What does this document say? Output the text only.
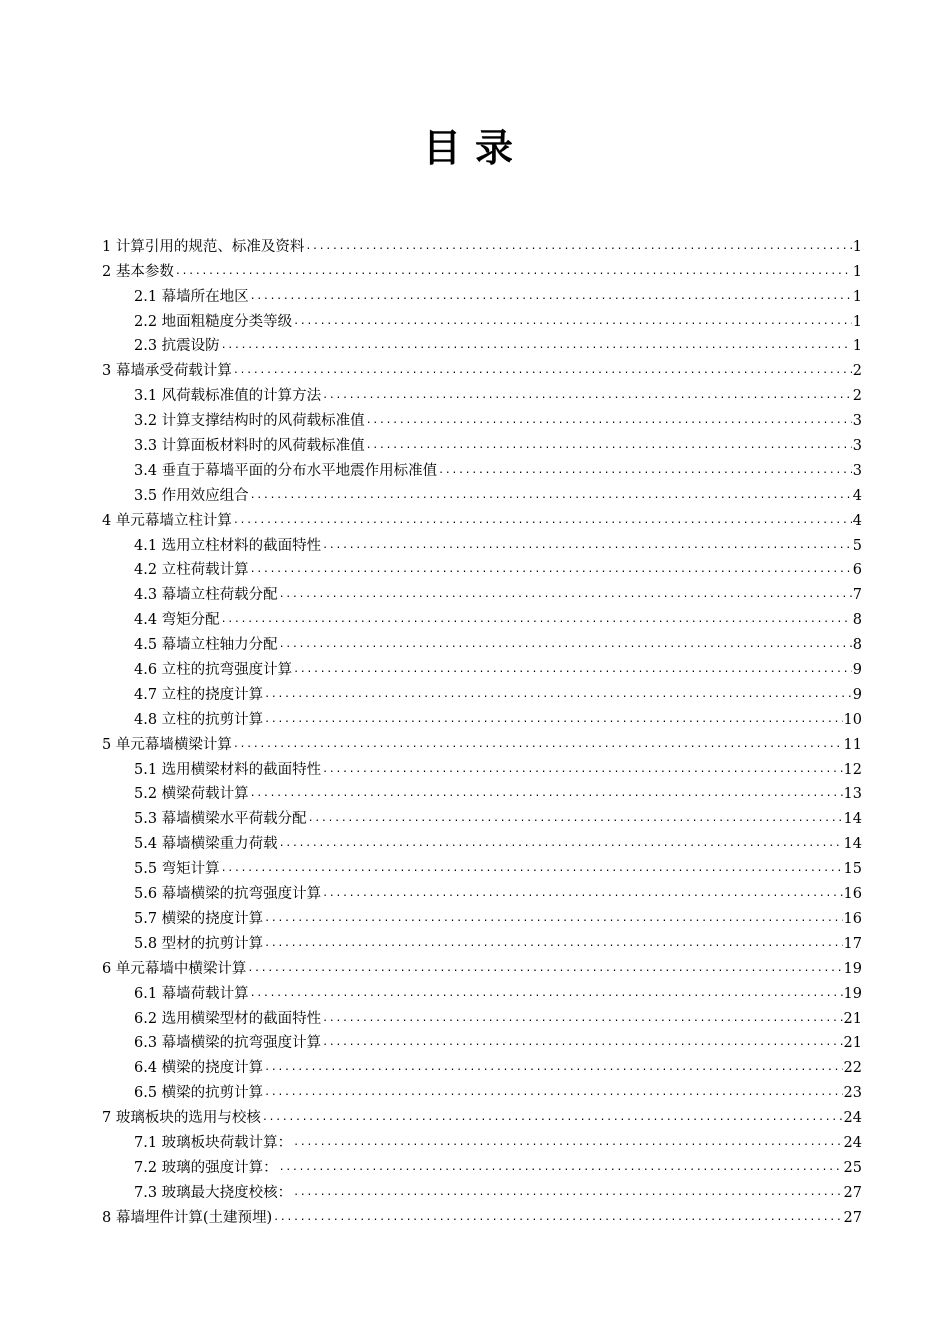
目录
1 计算引用的规范、标准及资料 .....	1
2 基本参数 .....	1
2.1 幕墙所在地区 .....	1
2.2 地面粗糙度分类等级 .....	1
2.3 抗震设防 .....	1
3 幕墙承受荷载计算 .....	2
3.1 风荷载标准值的计算方法 .....	2
3.2 计算支撑结构时的风荷载标准值 .....	3
3.3 计算面板材料时的风荷载标准值 .....	3
3.4 垂直于幕墙平面的分布水平地震作用标准值 .....	3
3.5 作用效应组合 .....	4
4 单元幕墙立柱计算 .....	4
4.1 选用立柱材料的截面特性 .....	5
4.2 立柱荷载计算 .....	6
4.3 幕墙立柱荷载分配 .....	7
4.4 弯矩分配 .....	8
4.5 幕墙立柱轴力分配 .....	8
4.6 立柱的抗弯强度计算 .....	9
4.7 立柱的挠度计算 .....	9
4.8 立柱的抗剪计算 .....	10
5 单元幕墙横梁计算 .....	11
5.1 选用横梁材料的截面特性 .....	12
5.2 横梁荷载计算 .....	13
5.3 幕墙横梁水平荷载分配 .....	14
5.4 幕墙横梁重力荷载 .....	14
5.5 弯矩计算 .....	15
5.6 幕墙横梁的抗弯强度计算 .....	16
5.7 横梁的挠度计算 .....	16
5.8 型材的抗剪计算 .....	17
6 单元幕墙中横梁计算 .....	19
6.1 幕墙荷载计算 .....	19
6.2 选用横梁型材的截面特性 .....	21
6.3 幕墙横梁的抗弯强度计算 .....	21
6.4 横梁的挠度计算 .....	22
6.5 横梁的抗剪计算 .....	23
7 玻璃板块的选用与校核 .....	24
7.1 玻璃板块荷载计算： .....	24
7.2 玻璃的强度计算： .....	25
7.3 玻璃最大挠度校核： .....	27
8 幕墙埋件计算(土建预埋) .....	27
